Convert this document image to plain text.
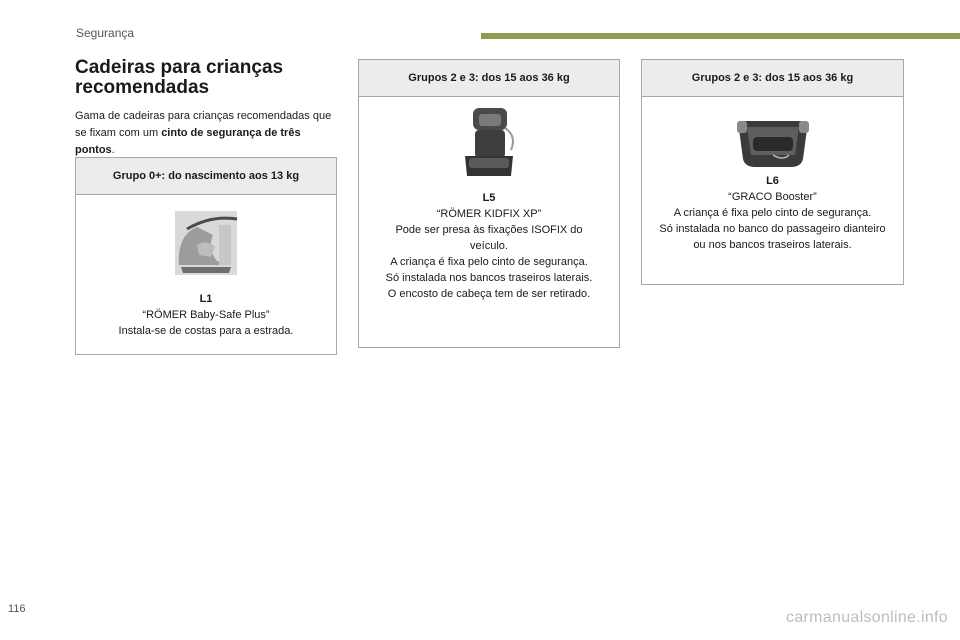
Segurança
Cadeiras para crianças
recomendadas
Gama de cadeiras para crianças recomendadas que se fixam com um cinto de segurança de três pontos.
Grupo 0+: do nascimento aos 13 kg
L1
“RÖMER Baby-Safe Plus”
Instala-se de costas para a estrada.
Grupos 2 e 3: dos 15 aos 36 kg
L5
“RÖMER KIDFIX XP”
Pode ser presa às fixações ISOFIX do veículo.
A criança é fixa pelo cinto de segurança.
Só instalada nos bancos traseiros laterais.
O encosto de cabeça tem de ser retirado.
Grupos 2 e 3: dos 15 aos 36 kg
L6
“GRACO Booster”
A criança é fixa pelo cinto de segurança.
Só instalada no banco do passageiro dianteiro ou nos bancos traseiros laterais.
116	carmanualsonline.info
